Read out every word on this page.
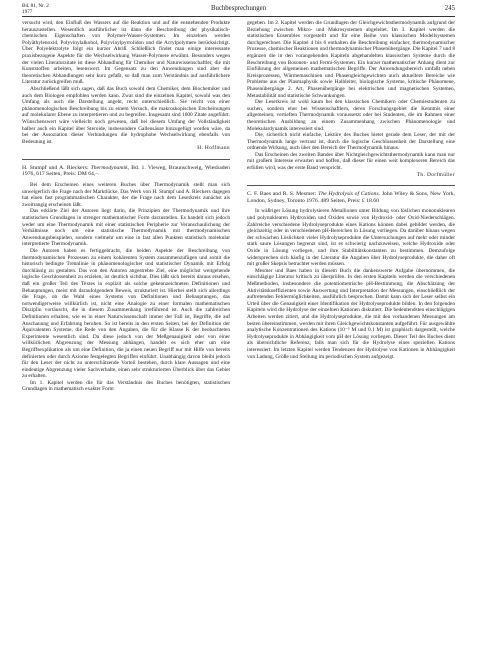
Bd. 81, Nr. 2
1977	Buchbesprechungen	245

versucht wird, den Einfluß des Wassers auf die Reaktion und auf die entstehenden Produkte herauszustellen. Wesentlich ausführlicher ist dann die Beschreibung der physikalisch-chemischen Eigenschaften von Polymer-Wasser-Systemen. Im einzelnen werden Polyäthylenoxid, Polyvinylalkohol, Polyvinylpyrrolidon und die Acrylpolymere berücksichtigt. Über Polyelektrolyte folgt ein kurzer Abriß. Schließlich findet man einige interessante praxisbezogene Aspekte für die Wechselwirkung Wasser-Polymere erwähnt. Besonders wegen der vielen Literaturzitate ist diese Abhandlung für Chemiker und Naturwissenschaftler, die mit Kunststoffen arbeiten, lesenswert. Im Gegensatz zu den Anwendungen sind aber die theoretischen Abhandlungen sehr kurz gefaßt, so daß man zum Verständnis auf ausführlichere Literatur zurückgreifen muß.

Abschließend läßt sich sagen, daß das Buch sowohl dem Chemiker, dem Biochemiker und auch dem Biologen empfohlen werden kann. Zwar sind die einzelnen Kapitel, sowohl was den Umfang als auch die Darstellung angeht, recht unterschiedlich. Sie reicht von einer phänomenologischen Beschreibung bis zu einem Versuch, die makroskopischen Erscheinungen auf molekularer Ebene zu interpretieren und zu begreifen. Insgesamt sind 1600 Zitate angeführt. Wünschenswert wäre vielleicht noch gewesen, daß bei diesem Umfang der Vollständigkeit halber auch ein Kapitel über Steroide, insbesondere Gallensäure hinzugefügt worden wäre, da bei der Assoziation dieser Verbindungen die hydrophobe Wechselwirkung ebenfalls von Bedeutung ist.

H. Hoffmann

H. Stumpf und A. Rieckers: Thermodynamik, Bd. 1. Vieweg, Braunschweig, Wiesbaden 1976, 617 Seiten, Preis: DM 64,–.

Bei dem Erscheinen eines weiteren Buches über Thermodynamik stellt man sich unweigerlich die Frage nach der Marktlücke. Das Werk von H. Stumpf und A. Rieckers dagegen hat einen fast programmatischen Charakter, der die Frage nach dem Leserkreis zunächst als zweitrangig erscheinen läßt.

Das erklärte Ziel der Autoren liegt darin, die Prinzipien der Thermodynamik und ihre statistischen Grundlagen in strenger mathematischer Form darzustellen. Es handelt sich jedoch weder um eine Thermodynamik mit einer statistischen Peripherie zur Veranschaulichung der Verhältnisse noch um eine statistische Thermodynamik mit thermodynamischen Anwendungsbeispielen, sondern vielmehr um eine in fast allen Punkten statistisch molekular interpretierte Thermodynamik.

Die Autoren haben es fertiggebracht, die beiden Aspekte der Beschreibung von thermodynamischen Prozessen zu einem kohärenten System zusammenzufügen und somit die historisch bedingte Trennlinie in phänomenologischer und statistischer Dynamik mit Erfolg durchlässig zu gestalten. Das von den Autoren angestrebte Ziel, eine möglichst weitgehende logische Geschlossenheit zu erzielen, ist deutlich sichtbar. Dies läßt sich bereits daraus ersehen, daß ein großer Teil des Textes in explizit als solche gekennzeichneten Definitionen und Behauptungen, meist mit daraufolgendem Beweis, strukturiert ist. Hierbei stellt sich allerdings die Frage, ob die Wahl eines Systems von Definitionen und Behauptungen, das notwendigerweise willkürlich ist, nicht eine Analogie zu einer formalen mathematischen Disziplin vortäuscht, die in diesem Zusammenhang irreführend ist. Auch die zahlreichen Definitionen erhalten, wie es in einer Naturwissenschaft immer der Fall ist, Begriffe, die auf Anschauung und Erfahrung beruhen. So ist bereits in den ersten Seiten, bei der Definition der Äquivalenten Systeme, die Rede von den Angaben, die für die Klasse K der beobachteten Experimente wesentlich sind. Da diese jedoch von der Meßgenauigkeit oder von einer willkürlichen Abgrenzung der Messung abhängen, handelt es sich eher um eine Begriffsexplikation als um eine Definition, die ja einen neuen Begriff nur mit Hilfe von bereits definierten oder durch Axiome festgelegten Begriffen einführt. Unabhängig davon bleibt jedoch für den Leser der nicht zu unterschätzende Vorteil bestehen, durch klare Aussagen und eine eindeutige Abgrenzung vieler Sachverhalte, einen sehr strukturierten Überblick über das Gebiet zu erhalten.

Im 1. Kapitel werden die für das Verständnis des Buches benötigten, statistischen Grundlagen in mathematisch exakter Form

gegeben. Im 2. Kapitel werden die Grundlagen der Gleichgewichtsthermodynamik aufgrund der Beziehung zwischen Mikro- und Makrosystemen abgeleitet. Im 3. Kapitel werden die statistischen Ensembles vorgestellt und für eine Reihe von klassischen Modellsystemen durchgerechnet. Die Kapitel 4 bis 6 enthalten die Beschreibung einfacher, thermodynamischer Prozesse, chemischer Reaktionen und thermodynamischer Phasenübergänge. Die Kapitel 7 und 8 ergänzen die in den vorangehenden Kapiteln abgehandelten klassischen Systeme durch die Beschreibung von Bosonen- und Fermi-Systemen. Ein kurzer mathematischer Anhang dient zur Einführung der allgemeinen mathematischen Begriffe. Der Anwendungsbereich umfaßt neben Kreisprozessen, Wärmemaschinen und Phasengleichgewichten auch aktuellere Bereiche wie Probleme aus der Plasmaphysik sowie Halbleiter, biologische Systeme, kritische Phänomene, Phasenübergänge 2. Art, Phasenübergänge bei elektrischen und magnetischen Systemen, Metastabilität und statistische Schwankungen.

Der Leserkreis ist wohl kaum bei den klassischen Chemikern oder Chemiestudenten zu suchen, sondern eher bei Wissenschaftlern, deren Forschungsgebiet die Kenntnis einer allgemeinen, vertieften Thermodynamik voraussetzt oder bei Studenten, die im Rahmen einer theoretischen Ausbildung an einem Zusammenhang zwischen Phänomenologie und Molekulardynamik interessiert sind.

Die, sicherlich nicht einfache, Lektüre des Buches bietet gerade dem Leser, der mit der Thermodynamik lange vertraut ist, durch die logische Geschlossenheit der Darstellung eine ordnende Wirkung, auch über den Bereich der Thermodynamik hinaus.

Das Erscheinen des zweiten Bandes über Nichtgleichgewichtsthermodynamik kann man nur mit großem Interesse erwarten und hoffen, daß dieser für einen weit komplexeren Bereich das erfüllen wird, was der erste Band verspricht.

Th. Dorfmüller

C. F. Baes and R. S. Mesmer: The Hydrolysis of Cations. John Wiley & Sons, New York, London, Sydney, Toronto 1976. 489 Seiten, Preis: £ 18.60

In wäßriger Lösung hydrolysieren Metallionen unter Bildung von löslichen mononuklearen und polynuklearen Hydroxiden und Oxiden sowie von Hydroxid- oder Oxid-Niederschlägen. Zahlreiche verschiedene Hydrolyseprodukte eines Kations können dabei gebildet werden, die gleichzeitig oder in verschiedenen pH-Bereichen in Lösung vorliegen. Da darüber hinaus wegen der schwachen Löslichkeit vieler Hydrolyseprodukte die Untersuchungen auf mehr oder minder stark saure Lösungen begrenzt sind, ist es schwierig nachzuweisen, welche Hydroxide oder Oxide in Lösung vorliegen, und ihre Stabilitätskonstanten zu bestimmen. Demzufolge widersprechen sich häufig in der Literatur die Angaben über Hydrolyseprodukte, die daher oft mit großer Skepsis betrachtet werden müssen.

Mesmer und Baes haben in diesem Buch die dankenswerte Aufgabe übernommen, die einschlägige Literatur kritisch zu überprüfen. In den ersten Kapiteln werden die verschiedenen Meßmethoden, insbesondere die potentiometrische pH-Bestimmung, die Abschätzung der Aktivitätskoeffizienten sowie Auswertung und Interpretation der Messungen, einschließlich der auftretenden Fehlermöglichkeiten, ausführlich besprochen. Damit kann sich der Leser selbst ein Urteil über die Genauigkeit einer Identifikation der Hydrolyseprodukte bilden. In den folgenden Kapiteln wird die Hydrolyse der einzelnen Kationen diskutiert. Die bedeutendsten einschlägigen Arbeiten werden zitiert, und die Hydrolyseprodukte, die mit den vorhandenen Messungen am besten übereinstimmen, werden mit ihren Gleichgewichtskonstanten aufgeführt. Für ausgewählte analytische Konzentrationen des Kations (10⁻⁵ M und 0.1 M) ist graphisch dargestellt, welche Hydrolyseprodukte in Abhängigkeit vom pH der Lösung vorliegen. Dieser Teil des Buches dient als übersichtliche Referenz, falls man sich für die Hydrolyse eines speziellen Kations interessiert. Im letzten Kapitel werden Tendenzen der Hydrolyse von Kationen in Abhängigkeit von Ladung, Größe und Stellung im periodischen System aufgezeigt.
